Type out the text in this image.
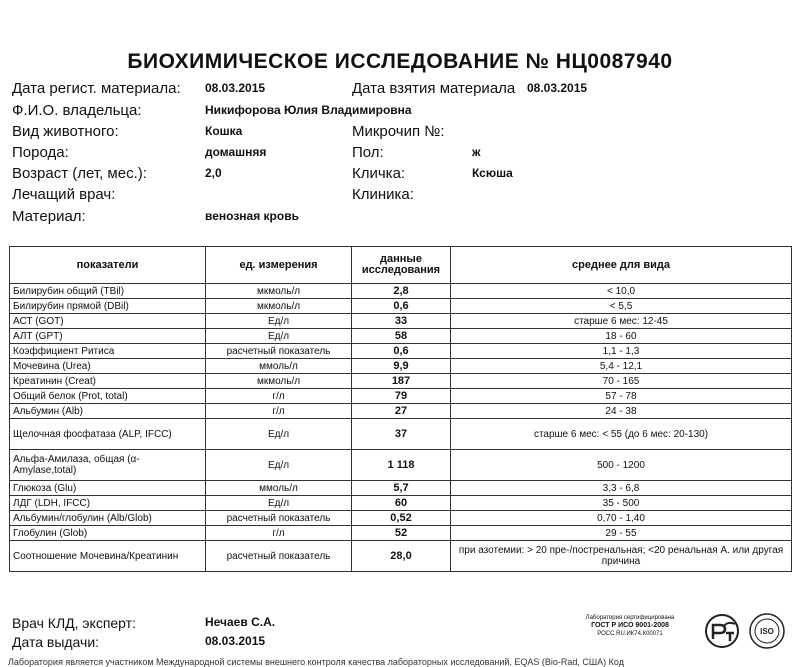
БИОХИМИЧЕСКОЕ ИССЛЕДОВАНИЕ № НЦ0087940
Дата регист. материала: 08.03.2015	Дата взятия материала 08.03.2015
Ф.И.О. владельца:	Никифорова Юлия Владимировна
Вид животного:	Кошка	Микрочип №:
Порода:	домашняя	Пол:	ж
Возраст (лет, мес.):	2,0	Кличка:	Ксюша
Лечащий врач:	Клиника:
Материал:	венозная кровь
показатели	ед. измерения	данные исследования	среднее для вида
Билирубин общий (TBil)	мкмоль/л	2,8	< 10,0
Билирубин прямой (DBil)	мкмоль/л	0,6	< 5,5
АСТ (GOT)	Ед/л	33	старше 6 мес: 12-45
АЛТ (GPT)	Ед/л	58	18 - 60
Коэффициент Ритиса	расчетный показатель	0,6	1,1 - 1,3
Мочевина (Urea)	ммоль/л	9,9	5,4 - 12,1
Креатинин (Creat)	мкмоль/л	187	70 - 165
Общий белок (Prot, total)	г/л	79	57 - 78
Альбумин (Alb)	г/л	27	24 - 38
Щелочная фосфатаза (ALP, IFCC)	Ед/л	37	старше 6 мес: < 55 (до 6 мес: 20-130)
Альфа-Амилаза, общая (α-Amylase,total)	Ед/л	1 118	500 - 1200
Глюкоза (Glu)	ммоль/л	5,7	3,3 - 6,8
ЛДГ (LDH, IFCC)	Ед/л	60	35 - 500
Альбумин/глобулин (Alb/Glob)	расчетный показатель	0,52	0,70 - 1,40
Глобулин (Glob)	г/л	52	29 - 55
Соотношение Мочевина/Креатинин	расчетный показатель	28,0	при азотемии: > 20 пре-/постренальная; <20 ренальная А. или другая причина
Врач КЛД, эксперт:	Нечаев С.А.
Дата выдачи:	08.03.2015
Лаборатория сертифицирована
ГОСТ Р ИСО 9001-2008
РОСС RU.ИК74.К00071	ISO
Лаборатория является участником Международной системы внешнего контроля качества лабораторных исследований, EQAS (Bio-Rad, США) Код
